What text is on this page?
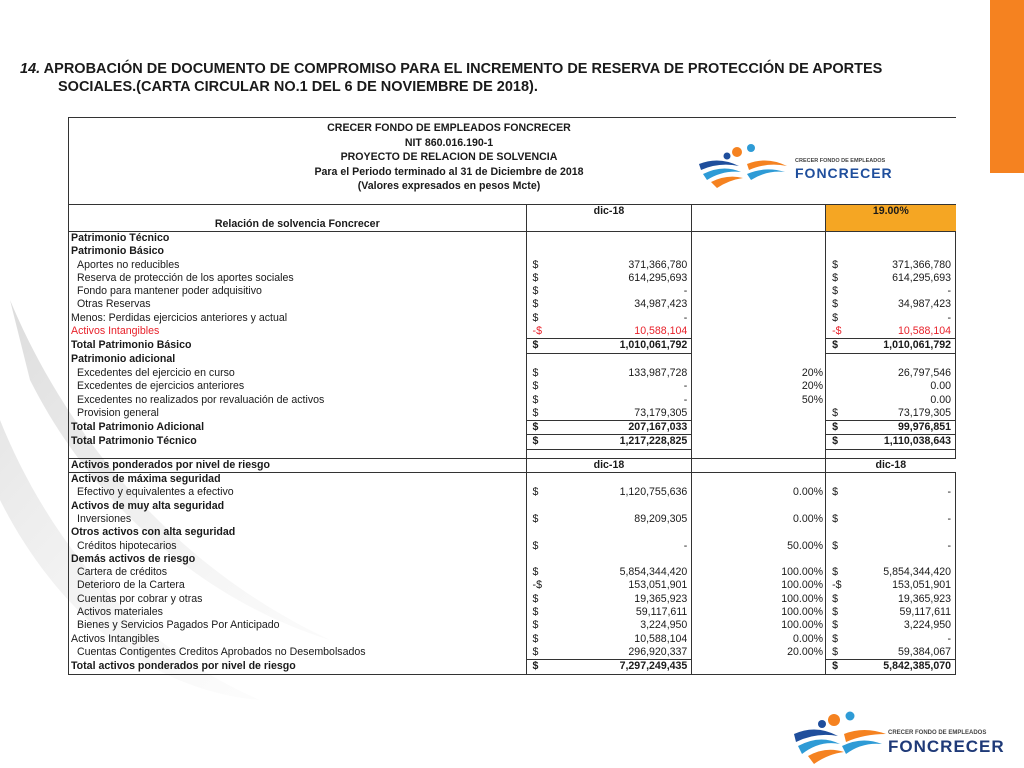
14. APROBACIÓN DE DOCUMENTO DE COMPROMISO PARA EL INCREMENTO DE RESERVA DE PROTECCIÓN DE APORTES
SOCIALES.(CARTA CIRCULAR NO.1 DEL 6 DE NOVIEMBRE DE 2018).
CRECER FONDO DE EMPLEADOS FONCRECER
NIT 860.016.190-1
PROYECTO DE RELACION DE SOLVENCIA
Para el Periodo terminado al 31 de Diciembre de 2018
(Valores expresados en pesos Mcte)
CRECER FONDO DE EMPLEADOS
FONCRECER
Relación de solvencia Foncrecer	dic-18			19.00%	
Patrimonio Técnico					
Patrimonio Básico					
Aportes no reducibles	$	371,366,780		$	371,366,780
Reserva de protección de los aportes sociales	$	614,295,693		$	614,295,693
Fondo para mantener poder adquisitivo	$	-		$	-
Otras Reservas	$	34,987,423		$	34,987,423
Menos: Perdidas ejercicios anteriores y actual	$	-		$	-
Activos Intangibles	-$	10,588,104		-$	10,588,104
Total Patrimonio Básico	$	1,010,061,792		$	1,010,061,792
Patrimonio adicional					
Excedentes del ejercicio en curso	$	133,987,728	20%		26,797,546
Excedentes de ejercicios anteriores	$	-	20%		0.00
Excedentes no realizados por revaluación de activos	$	-	50%		0.00
Provision general	$	73,179,305		$	73,179,305
Total Patrimonio Adicional	$	207,167,033		$	99,976,851
Total Patrimonio Técnico	$	1,217,228,825		$	1,110,038,643

Activos ponderados por nivel de riesgo	dic-18			dic-18	
Activos de máxima seguridad					
Efectivo y equivalentes a efectivo	$	1,120,755,636	0.00%	$	-
Activos de muy alta seguridad					
Inversiones	$	89,209,305	0.00%	$	-
Otros activos con alta seguridad					
Créditos hipotecarios	$	-	50.00%	$	-
Demás activos de riesgo					
Cartera de créditos	$	5,854,344,420	100.00%	$	5,854,344,420
Deterioro de la Cartera	-$	153,051,901	100.00%	-$	153,051,901
Cuentas por cobrar y otras	$	19,365,923	100.00%	$	19,365,923
Activos materiales	$	59,117,611	100.00%	$	59,117,611
Bienes y Servicios Pagados Por Anticipado	$	3,224,950	100.00%	$	3,224,950
Activos Intangibles	$	10,588,104	0.00%	$	-
Cuentas Contigentes Creditos Aprobados no Desembolsados	$	296,920,337	20.00%	$	59,384,067
Total activos ponderados por nivel de riesgo	$	7,297,249,435		$	5,842,385,070
CRECER FONDO DE EMPLEADOS
FONCRECER
